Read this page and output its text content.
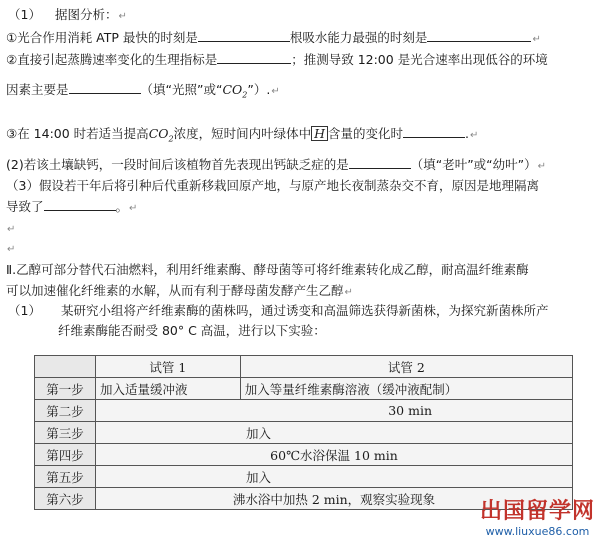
（1） 据图分析：↵
①光合作用消耗 ATP 最快的时刻是	根吸水能力最强的时刻是	↵
②直接引起蒸腾速率变化的生理指标是	；推测导致 12:00 是光合速率出现低谷的环境
因素主要是	（填“光照”或“$CO_2”).↵$
③在 14:00 时若适当提高$CO_2$浓度，短时间内叶绿体中 H 含量的变化时	.↵
(2)若该土壤缺钙，一段时间后该植物首先表现出钙缺乏症的是	（填“老叶”或“幼叶”）↵
（3）假设若干年后将引种后代重新移栽回原产地，与原产地长夜制蒸杂交不育，原因是地理隔离
导致了	。↵
↵
↵
Ⅱ.乙醇可部分替代石油燃料，利用纤维素酶、酵母菌等可将纤维素转化成乙醇，耐高温纤维素酶
可以加速催化纤维素的水解，从而有利于酵母菌发酵产生乙醇↵
（1） 某研究小组将产纤维素酶的菌株吗，通过诱变和高温筛选获得新菌株，为探究新菌株所产
纤维素酶能否耐受 80° C 高温，进行以下实验：
	试管 1	试管 2
第一步	加入适量缓冲液	加入等量纤维素酶溶液（缓冲液配制）
第二步	30 min	
第三步	加入	
第四步	60℃水浴保温 10 min	
第五步	加入	
第六步	沸水浴中加热 2 min，观察实验现象	出国留学网
www.liuxue86.com
